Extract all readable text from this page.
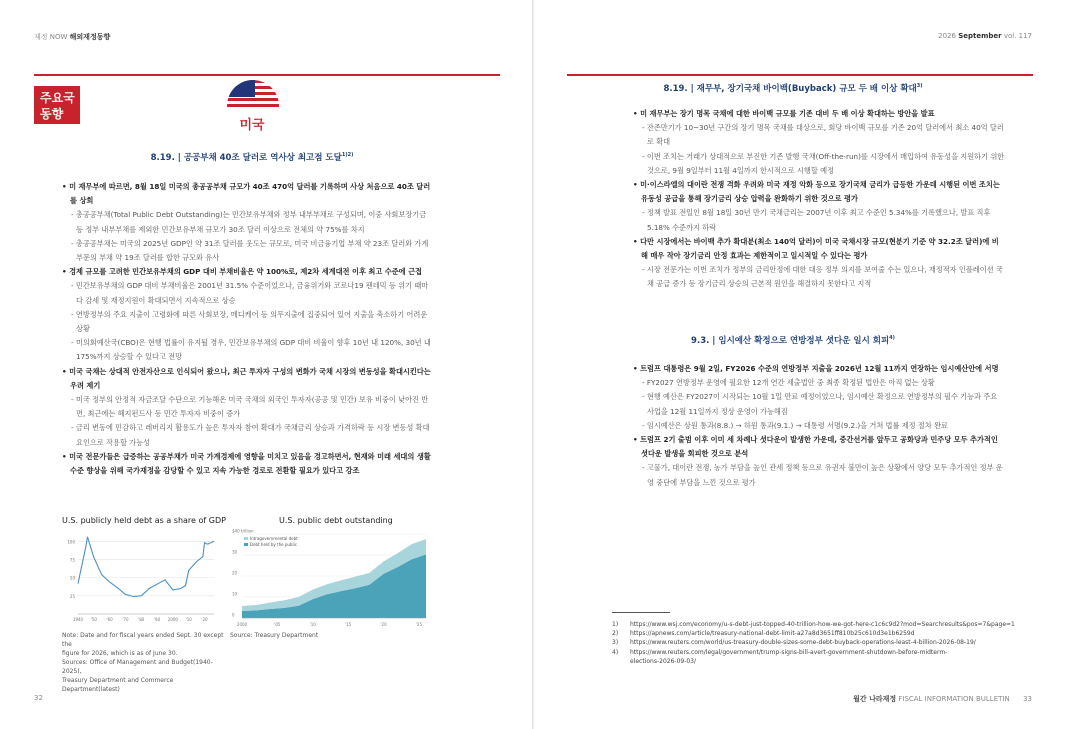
재정 NOW 해외재정동향
주요국
동향
미국
8.19. | 공공부채 40조 달러로 역사상 최고점 도달$^{1)2)}$
• 미 재무부에 따르면, 8월 18일 미국의 총공공부채 규모가 40조 470억 달러를 기록하며 사상 처음으로 40조 달러를 상회
- 총공공부채(Total Public Debt Outstanding)는 민간보유부채와 정부 내부부채로 구성되며, 이중 사회보장기금 등 정부 내부부채를 제외한 민간보유부채 규모가 30조 달러 이상으로 전체의 약 75%를 차지
- 총공공부채는 미국의 2025년 GDP인 약 31조 달러를 웃도는 규모로, 미국 비금융기업 부채 약 23조 달러와 가계 부문의 부채 약 19조 달러를 합한 규모와 유사
• 경제 규모를 고려한 민간보유부채의 GDP 대비 부채비율은 약 100%로, 제2차 세계대전 이후 최고 수준에 근접
- 민간보유부채의 GDP 대비 부채비율은 2001년 31.5% 수준이었으나, 금융위기와 코로나19 팬데믹 등 위기 때마다 감세 및 재정지원이 확대되면서 지속적으로 상승
- 연방정부의 주요 지출이 고령화에 따른 사회보장, 메디케어 등 의무지출에 집중되어 있어 지출을 축소하기 어려운 상황
- 미의회예산국(CBO)은 현행 법률이 유지될 경우, 민간보유부채의 GDP 대비 비율이 향후 10년 내 120%, 30년 내 175%까지 상승할 수 있다고 전망
• 미국 국채는 상대적 안전자산으로 인식되어 왔으나, 최근 투자자 구성의 변화가 국채 시장의 변동성을 확대시킨다는 우려 제기
- 미국 정부의 안정적 자금조달 수단으로 기능해온 미국 국채의 외국인 투자자(공공 및 민간) 보유 비중이 낮아진 반면, 최근에는 헤지펀드사 등 민간 투자자 비중이 증가
- 금리 변동에 민감하고 레버리지 활용도가 높은 투자자 참여 확대가 국채금리 상승과 가격하락 등 시장 변동성 확대 요인으로 작용할 가능성
• 미국 전문가들은 급증하는 공공부채가 미국 가계경제에 영향을 미치고 있음을 경고하면서, 현재와 미래 세대의 생활 수준 향상을 위해 국가재정을 감당할 수 있고 지속 가능한 경로로 전환할 필요가 있다고 강조
U.S. publicly held debt as a share of GDP
25
50
75
100
1940 '50 '60 '70 '80 '90 2000 '10 '20
Note: Date and for fiscal years ended Sept. 30 except the
figure for 2026, which is as of June 30.
Sources: Office of Management and Budget(1940-2025),
Treasury Department and Commerce Department(latest)
U.S. public debt outstanding
$40 trillion
30
20
10
0
2000	'05	'10	'15	'20	'25
Intragovernmental debt
Debt held by the public
Source: Treasury Department
32
2026 September vol. 117
8.19. | 재무부, 장기국채 바이백(Buyback) 규모 두 배 이상 확대$^{3)}$
• 미 재무부는 장기 명목 국채에 대한 바이백 규모를 기존 대비 두 배 이상 확대하는 방안을 발표
- 잔존만기가 10~30년 구간의 장기 명목 국채를 대상으로, 회당 바이백 규모를 기존 20억 달러에서 최소 40억 달러로 확대
- 이번 조치는 거래가 상대적으로 부진한 기존 발행 국채(Off-the-run)를 시장에서 매입하여 유동성을 지원하기 위한 것으로, 9월 9일부터 11월 4일까지 한시적으로 시행할 예정
• 미·이스라엘의 대이란 전쟁 격화 우려와 미국 재정 악화 등으로 장기국채 금리가 급등한 가운데 시행된 이번 조치는 유동성 공급을 통해 장기금리 상승 압력을 완화하기 위한 것으로 평가
- 정책 발표 전일인 8월 18일 30년 만기 국채금리는 2007년 이후 최고 수준인 5.34%를 기록했으나, 발표 직후 5.18% 수준까지 하락
• 다만 시장에서는 바이백 추가 확대분(최소 140억 달러)이 미국 국채시장 규모(현분기 기준 약 32.2조 달러)에 비해 매우 작아 장기금리 안정 효과는 제한적이고 일시적일 수 있다는 평가
- 시장 전문가는 이번 조치가 정부의 금리안정에 대한 대응 정부 의지를 보여줄 수는 있으나, 재정적자 인플레이션 국채 공급 증가 등 장기금리 상승의 근본적 원인을 해결하지 못한다고 지적
9.3. | 임시예산 확정으로 연방정부 셧다운 일시 회피$^{4)}$
• 트럼프 대통령은 9월 2일, FY2026 수준의 연방정부 지출을 2026년 12월 11까지 연장하는 임시예산안에 서명
- FY2027 연방정부 운영에 필요한 12개 연간 세출법안 중 최종 확정된 법안은 아직 없는 상황
- 현행 예산은 FY2027이 시작되는 10월 1일 만료 예정이었으나, 임시예산 확정으로 연방정부의 필수 기능과 주요 사업을 12월 11일까지 정상 운영이 가능해짐
- 임시예산은 상원 통과(8.8.) → 하원 통과(9.1.) → 대통령 서명(9.2.)을 거쳐 법률 제정 절차 완료
• 트럼프 2기 출범 이후 이미 세 차례나 셧다운이 발생한 가운데, 중간선거를 앞두고 공화당과 민주당 모두 추가적인 셧다운 발생을 회피한 것으로 분석
- 고물가, 대이란 전쟁, 농가 부담을 높인 관세 정책 등으로 유권자 불만이 높은 상황에서 양당 모두 추가적인 정부 운영 중단에 부담을 느낀 것으로 평가
월간 나라재정 FISCAL INFORMATION BULLETIN 33
1) https://www.wsj.com/economy/u-s-debt-just-topped-40-trillion-how-we-got-here-c1c6c9d2?mod=Searchresults&pos=7&page=1
2) https://apnews.com/article/treasury-national-debt-limit-a27a8d3651ff810b25c610d3e1b6259d
3) https://www.reuters.com/world/us-treasury-double-sizes-some-debt-buyback-operations-least-4-billion-2026-08-19/
4) https://www.reuters.com/legal/government/trump-signs-bill-avert-government-shutdown-before-midterm-
elections-2026-09-03/
